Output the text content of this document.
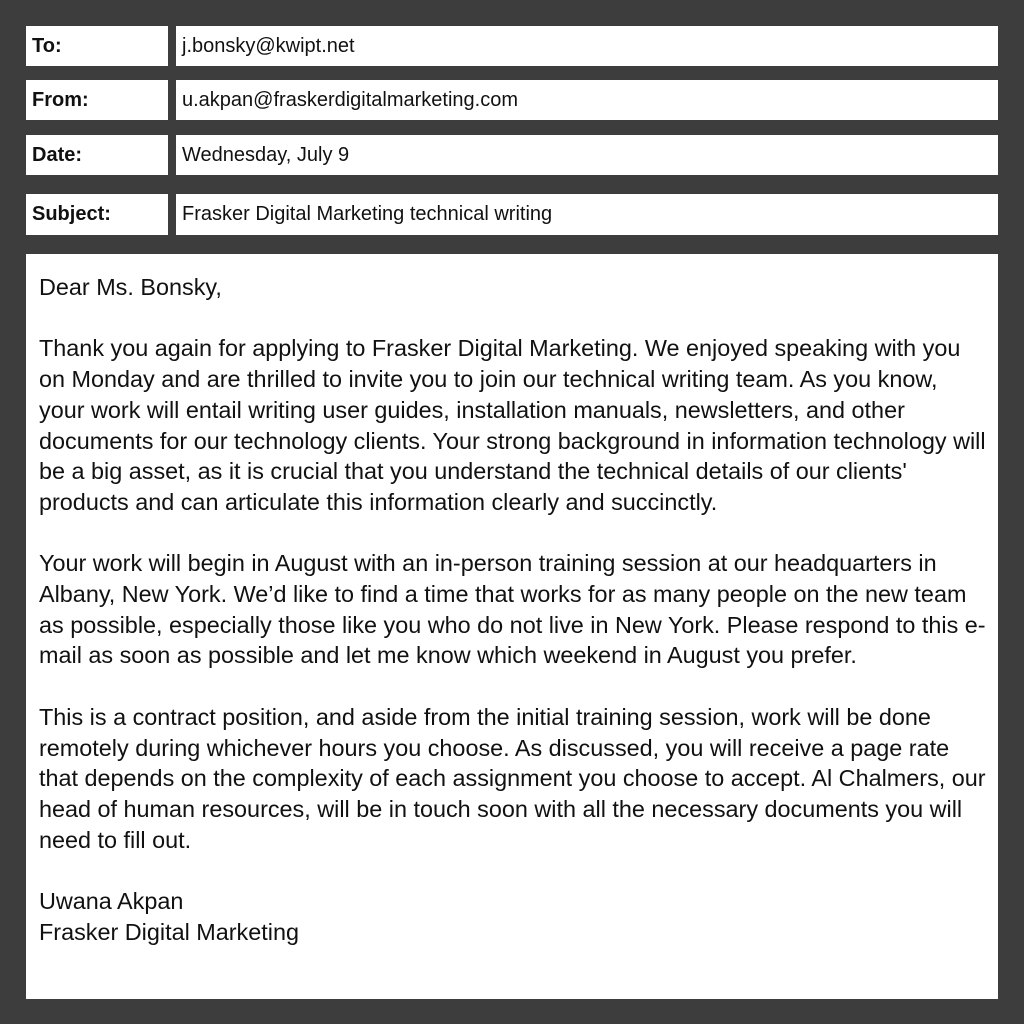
To:	j.bonsky@kwipt.net
From:	u.akpan@fraskerdigitalmarketing.com
Date:	Wednesday, July 9
Subject:	Frasker Digital Marketing technical writing

Dear Ms. Bonsky,

Thank you again for applying to Frasker Digital Marketing. We enjoyed speaking with you on Monday and are thrilled to invite you to join our technical writing team. As you know, your work will entail writing user guides, installation manuals, newsletters, and other documents for our technology clients. Your strong background in information technology will be a big asset, as it is crucial that you understand the technical details of our clients' products and can articulate this information clearly and succinctly.

Your work will begin in August with an in-person training session at our headquarters in Albany, New York. We’d like to find a time that works for as many people on the new team as possible, especially those like you who do not live in New York. Please respond to this e-mail as soon as possible and let me know which weekend in August you prefer.

This is a contract position, and aside from the initial training session, work will be done remotely during whichever hours you choose. As discussed, you will receive a page rate that depends on the complexity of each assignment you choose to accept. Al Chalmers, our head of human resources, will be in touch soon with all the necessary documents you will need to fill out.

Uwana Akpan

Frasker Digital Marketing
